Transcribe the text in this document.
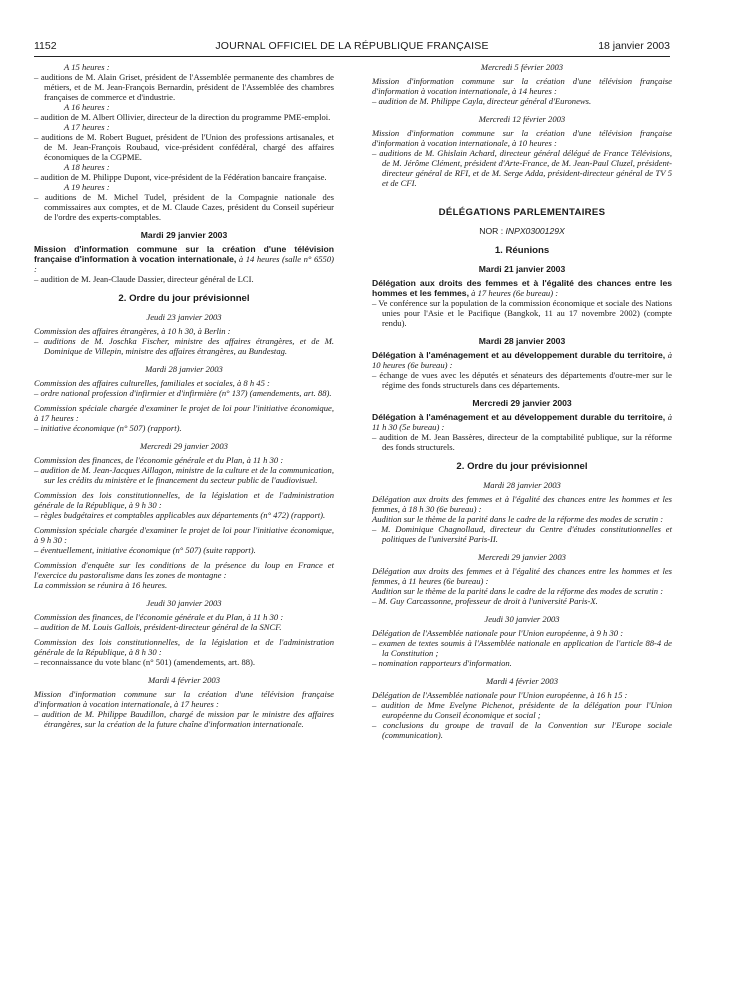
1152	JOURNAL OFFICIEL DE LA RÉPUBLIQUE FRANÇAISE	18 janvier 2003

A 15 heures :

– auditions de M. Alain Griset, président de l'Assemblée permanente des chambres de métiers, et de M. Jean-François Bernardin, président de l'Assemblée des chambres françaises de commerce et d'industrie.

A 16 heures :

– audition de M. Albert Ollivier, directeur de la direction du programme PME-emploi.

A 17 heures :

– auditions de M. Robert Buguet, président de l'Union des professions artisanales, et de M. Jean-François Roubaud, vice-président confédéral, chargé des affaires économiques de la CGPME.

A 18 heures :

– audition de M. Philippe Dupont, vice-président de la Fédération bancaire française.

A 19 heures :

– auditions de M. Michel Tudel, président de la Compagnie nationale des commissaires aux comptes, et de M. Claude Cazes, président du Conseil supérieur de l'ordre des experts-comptables.

Mardi 29 janvier 2003

Mission d'information commune sur la création d'une télévision française d'information à vocation internationale, à 14 heures (salle n° 6550) :

– audition de M. Jean-Claude Dassier, directeur général de LCI.

2. Ordre du jour prévisionnel

Jeudi 23 janvier 2003

Commission des affaires étrangères, à 10 h 30, à Berlin :

– auditions de M. Joschka Fischer, ministre des affaires étrangères, et de M. Dominique de Villepin, ministre des affaires étrangères, au Bundestag.

Mardi 28 janvier 2003

Commission des affaires culturelles, familiales et sociales, à 8 h 45 :

– ordre national profession d'infirmier et d'infirmière (n° 137) (amendements, art. 88).

Commission spéciale chargée d'examiner le projet de loi pour l'initiative économique, à 17 heures :

– initiative économique (n° 507) (rapport).

Mercredi 29 janvier 2003

Commission des finances, de l'économie générale et du Plan, à 11 h 30 :

– audition de M. Jean-Jacques Aillagon, ministre de la culture et de la communication, sur les crédits du ministère et le financement du secteur public de l'audiovisuel.

Commission des lois constitutionnelles, de la législation et de l'administration générale de la République, à 9 h 30 :

– règles budgétaires et comptables applicables aux départements (n° 472) (rapport).

Commission spéciale chargée d'examiner le projet de loi pour l'initiative économique, à 9 h 30 :

– éventuellement, initiative économique (n° 507) (suite rapport).

Commission d'enquête sur les conditions de la présence du loup en France et l'exercice du pastoralisme dans les zones de montagne :

La commission se réunira à 16 heures.

Jeudi 30 janvier 2003

Commission des finances, de l'économie générale et du Plan, à 11 h 30 :

– audition de M. Louis Gallois, président-directeur général de la SNCF.

Commission des lois constitutionnelles, de la législation et de l'administration générale de la République, à 8 h 30 :

– reconnaissance du vote blanc (n° 501) (amendements, art. 88).

Mardi 4 février 2003

Mission d'information commune sur la création d'une télévision française d'information à vocation internationale, à 17 heures :

– audition de M. Philippe Baudillon, chargé de mission par le ministre des affaires étrangères, sur la création de la future chaîne d'information internationale.

Mercredi 5 février 2003

Mission d'information commune sur la création d'une télévision française d'information à vocation internationale, à 14 heures :

– audition de M. Philippe Cayla, directeur général d'Euronews.

Mercredi 12 février 2003

Mission d'information commune sur la création d'une télévision française d'information à vocation internationale, à 10 heures :

– auditions de M. Ghislain Achard, directeur général délégué de France Télévisions, de M. Jérôme Clément, président d'Arte-France, de M. Jean-Paul Cluzel, président-directeur général de RFI, et de M. Serge Adda, président-directeur général de TV 5 et de CFI.

DÉLÉGATIONS PARLEMENTAIRES

NOR : INPX0300129X

1. Réunions

Mardi 21 janvier 2003

Délégation aux droits des femmes et à l'égalité des chances entre les hommes et les femmes, à 17 heures (6e bureau) :

– Ve conférence sur la population de la commission économique et sociale des Nations unies pour l'Asie et le Pacifique (Bangkok, 11 au 17 novembre 2002) (compte rendu).

Mardi 28 janvier 2003

Délégation à l'aménagement et au développement durable du territoire, à 10 heures (6e bureau) :

– échange de vues avec les députés et sénateurs des départements d'outre-mer sur le régime des fonds structurels dans ces départements.

Mercredi 29 janvier 2003

Délégation à l'aménagement et au développement durable du territoire, à 11 h 30 (5e bureau) :

– audition de M. Jean Bassères, directeur de la comptabilité publique, sur la réforme des fonds structurels.

2. Ordre du jour prévisionnel

Mardi 28 janvier 2003

Délégation aux droits des femmes et à l'égalité des chances entre les hommes et les femmes, à 18 h 30 (6e bureau) :

Audition sur le thème de la parité dans le cadre de la réforme des modes de scrutin :

– M. Dominique Chagnollaud, directeur du Centre d'études constitutionnelles et politiques de l'université Paris-II.

Mercredi 29 janvier 2003

Délégation aux droits des femmes et à l'égalité des chances entre les hommes et les femmes, à 11 heures (6e bureau) :

Audition sur le thème de la parité dans le cadre de la réforme des modes de scrutin :

– M. Guy Carcassonne, professeur de droit à l'université Paris-X.

Jeudi 30 janvier 2003

Délégation de l'Assemblée nationale pour l'Union européenne, à 9 h 30 :

– examen de textes soumis à l'Assemblée nationale en application de l'article 88-4 de la Constitution ;

– nomination rapporteurs d'information.

Mardi 4 février 2003

Délégation de l'Assemblée nationale pour l'Union européenne, à 16 h 15 :

– audition de Mme Evelyne Pichenot, présidente de la délégation pour l'Union européenne du Conseil économique et social ;

– conclusions du groupe de travail de la Convention sur l'Europe sociale (communication).
